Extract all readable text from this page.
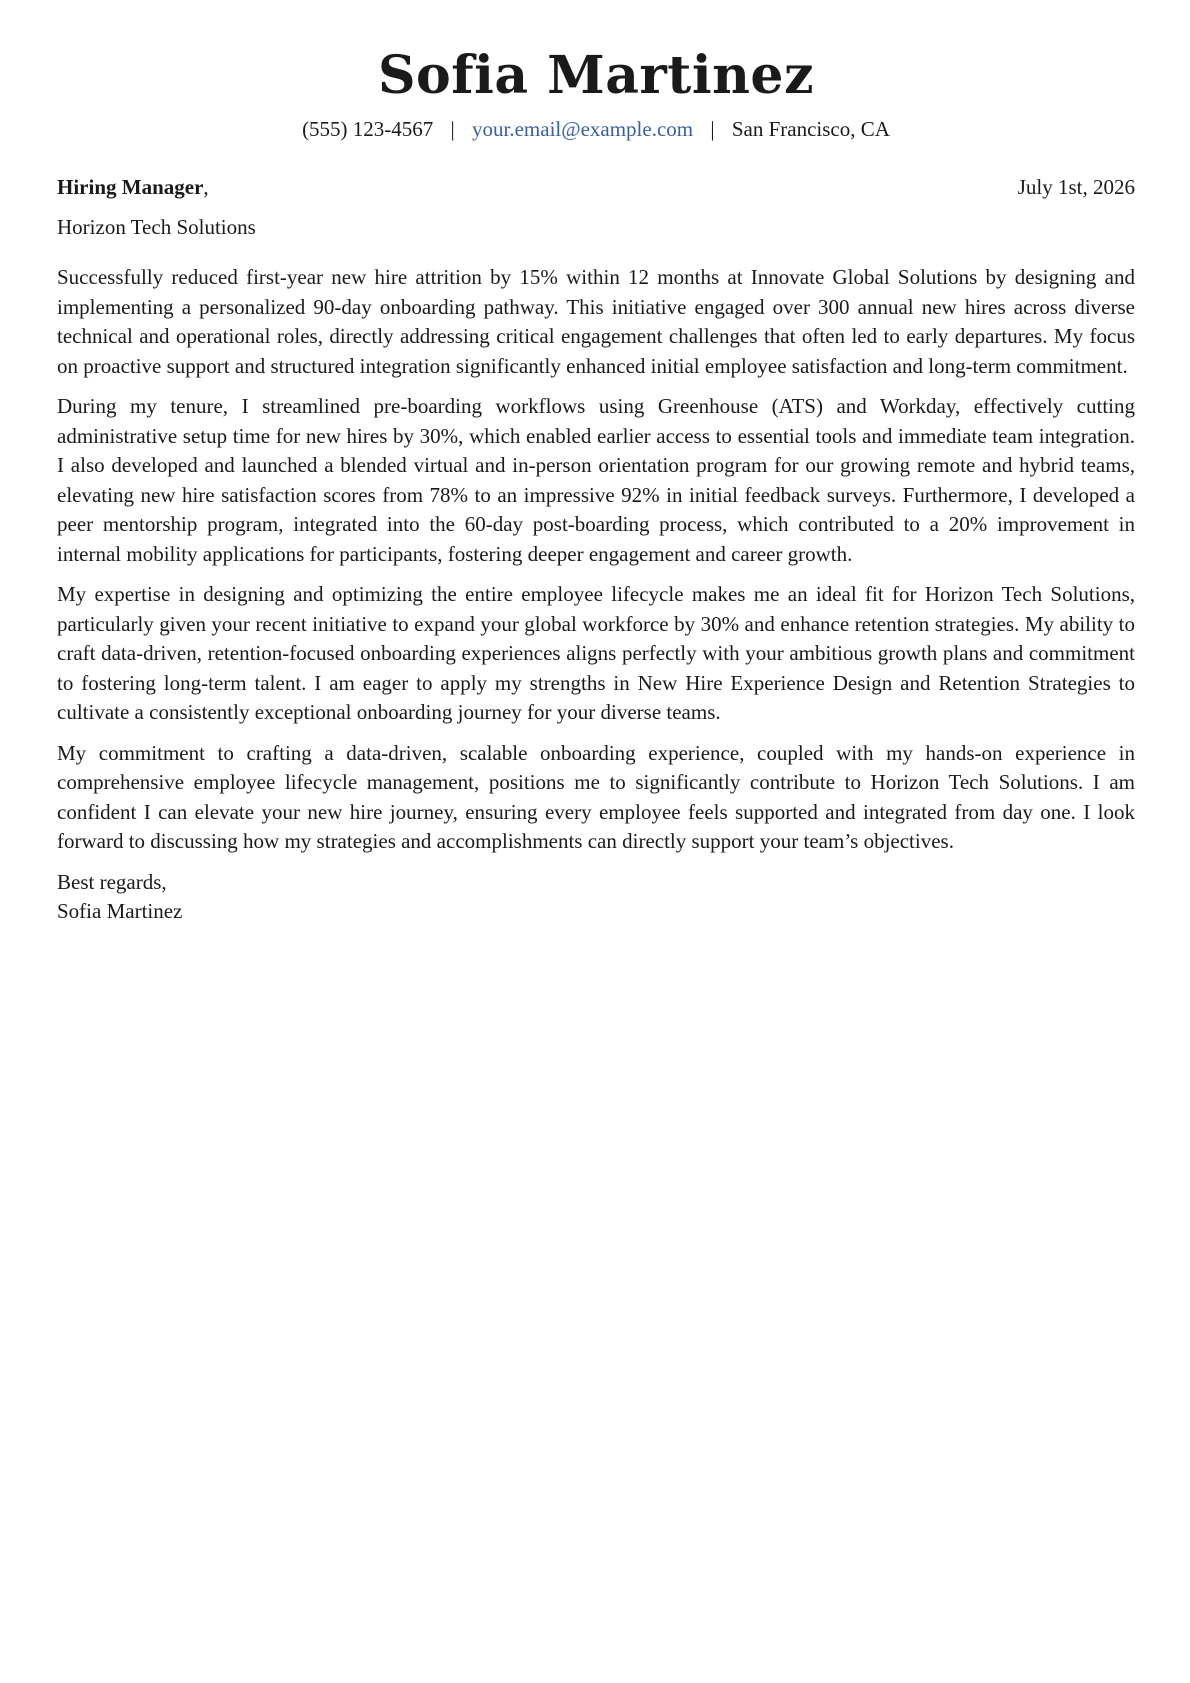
Sofia Martinez
(555) 123-4567 | your.email@example.com | San Francisco, CA
Hiring Manager,	July 1st, 2026
Horizon Tech Solutions

Successfully reduced first-year new hire attrition by 15% within 12 months at Innovate Global Solutions by designing and implementing a personalized 90-day onboarding pathway. This initiative engaged over 300 annual new hires across diverse technical and operational roles, directly addressing critical engagement challenges that often led to early departures. My focus on proactive support and structured integration significantly enhanced initial employee satisfaction and long-term commitment.

During my tenure, I streamlined pre-boarding workflows using Greenhouse (ATS) and Workday, effectively cutting administrative setup time for new hires by 30%, which enabled earlier access to essential tools and immediate team integration. I also developed and launched a blended virtual and in-person orientation program for our growing remote and hybrid teams, elevating new hire satisfaction scores from 78% to an impressive 92% in initial feedback surveys. Furthermore, I developed a peer mentorship program, integrated into the 60-day post-boarding process, which contributed to a 20% improvement in internal mobility applications for participants, fostering deeper engagement and career growth.

My expertise in designing and optimizing the entire employee lifecycle makes me an ideal fit for Horizon Tech Solutions, particularly given your recent initiative to expand your global workforce by 30% and enhance retention strategies. My ability to craft data-driven, retention-focused onboarding experiences aligns perfectly with your ambitious growth plans and commitment to fostering long-term talent. I am eager to apply my strengths in New Hire Experience Design and Retention Strategies to cultivate a consistently exceptional onboarding journey for your diverse teams.

My commitment to crafting a data-driven, scalable onboarding experience, coupled with my hands-on experience in comprehensive employee lifecycle management, positions me to significantly contribute to Horizon Tech Solutions. I am confident I can elevate your new hire journey, ensuring every employee feels supported and integrated from day one. I look forward to discussing how my strategies and accomplishments can directly support your team’s objectives.

Best regards,
Sofia Martinez
